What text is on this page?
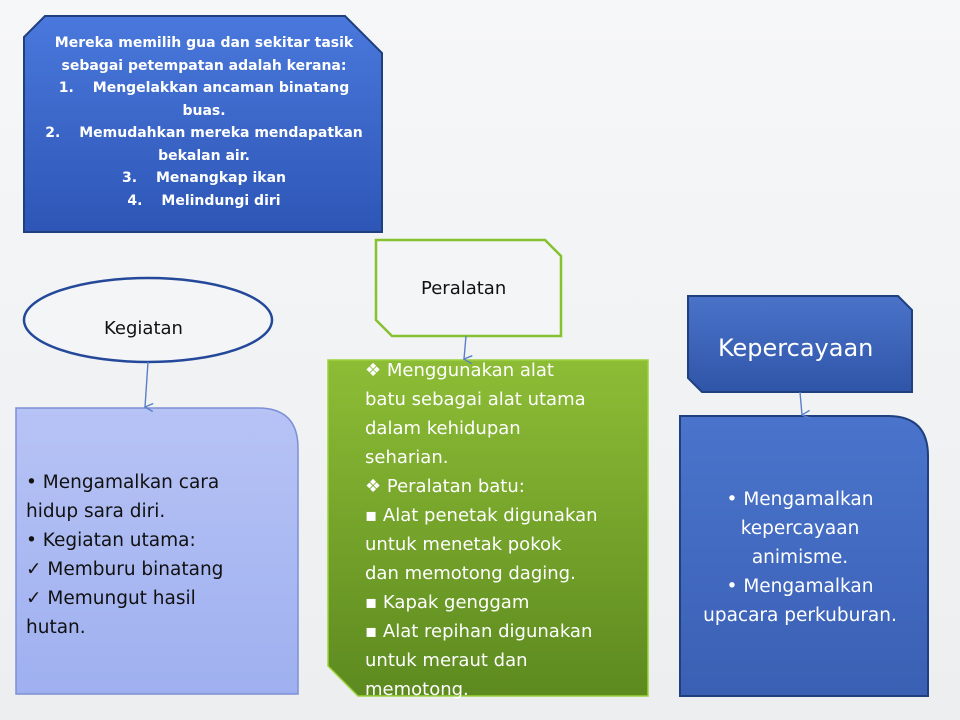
Mereka memilih gua dan sekitar tasik sebagai petempatan adalah kerana:
1. Mengelakkan ancaman binatang buas.
2. Memudahkan mereka mendapatkan bekalan air.
3. Menangkap ikan
4. Melindungi diri
Kegiatan
Peralatan
Kepercayaan
• Mengamalkan cara
hidup sara diri.
• Kegiatan utama:
✓ Memburu binatang
✓ Memungut hasil
hutan.
❖ Menggunakan alat
batu sebagai alat utama
dalam kehidupan
seharian.
❖ Peralatan batu:
▪ Alat penetak digunakan
untuk menetak pokok
dan memotong daging.
▪ Kapak genggam
▪ Alat repihan digunakan
untuk meraut dan
memotong.
• Mengamalkan
kepercayaan
animisme.
• Mengamalkan
upacara perkuburan.
